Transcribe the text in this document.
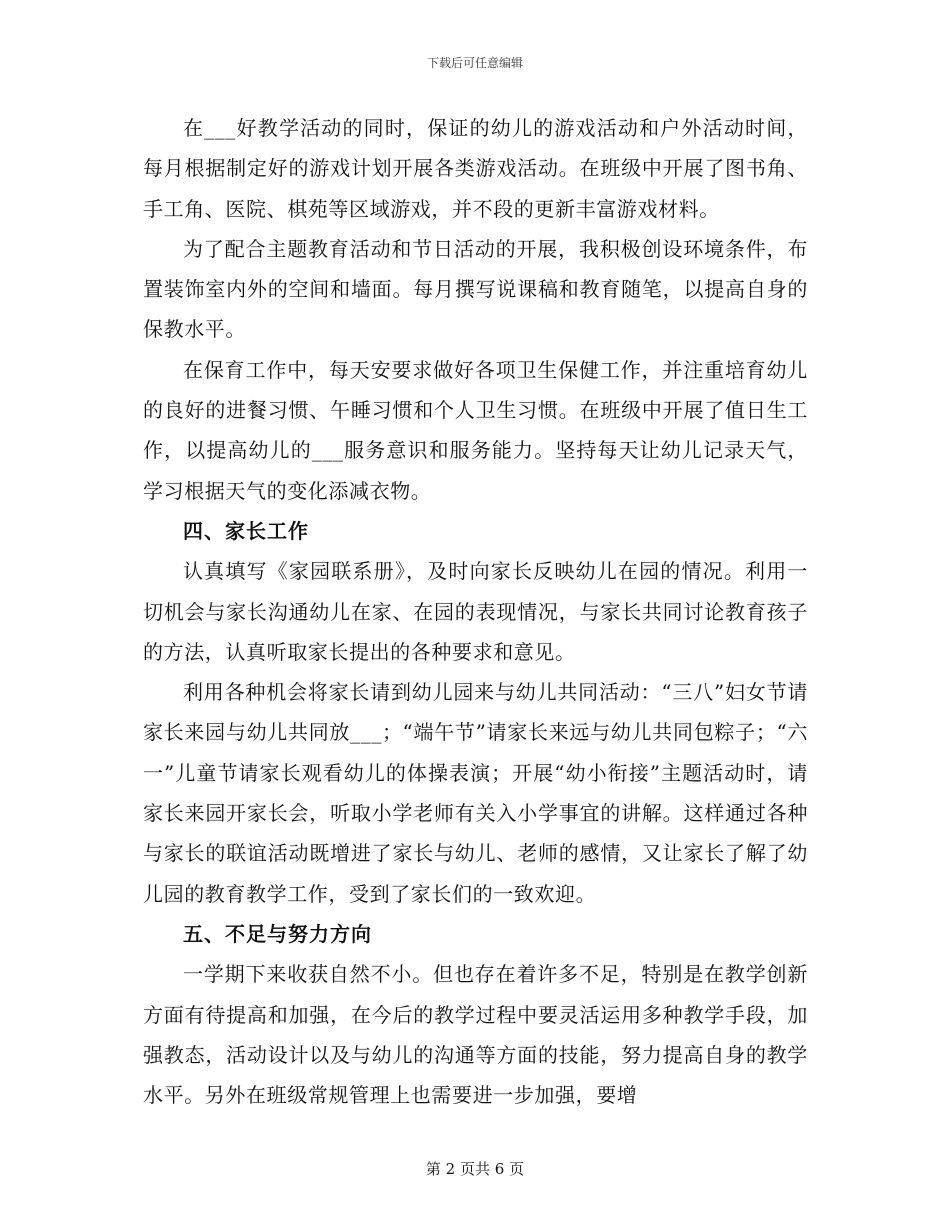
下载后可任意编辑

在___好教学活动的同时，保证的幼儿的游戏活动和户外活动时间，每月根据制定好的游戏计划开展各类游戏活动。在班级中开展了图书角、手工角、医院、棋苑等区域游戏，并不段的更新丰富游戏材料。

为了配合主题教育活动和节日活动的开展，我积极创设环境条件，布置装饰室内外的空间和墙面。每月撰写说课稿和教育随笔，以提高自身的保教水平。

在保育工作中，每天安要求做好各项卫生保健工作，并注重培育幼儿的良好的进餐习惯、午睡习惯和个人卫生习惯。在班级中开展了值日生工作，以提高幼儿的___服务意识和服务能力。坚持每天让幼儿记录天气，学习根据天气的变化添减衣物。

四、家长工作

认真填写《家园联系册》，及时向家长反映幼儿在园的情况。利用一切机会与家长沟通幼儿在家、在园的表现情况，与家长共同讨论教育孩子的方法，认真听取家长提出的各种要求和意见。

利用各种机会将家长请到幼儿园来与幼儿共同活动：“三八”妇女节请家长来园与幼儿共同放___；“端午节”请家长来远与幼儿共同包粽子；“六一”儿童节请家长观看幼儿的体操表演；开展“幼小衔接”主题活动时，请家长来园开家长会，听取小学老师有关入小学事宜的讲解。这样通过各种与家长的联谊活动既增进了家长与幼儿、老师的感情，又让家长了解了幼儿园的教育教学工作，受到了家长们的一致欢迎。

五、不足与努力方向

一学期下来收获自然不小。但也存在着许多不足，特别是在教学创新方面有待提高和加强，在今后的教学过程中要灵活运用多种教学手段，加强教态，活动设计以及与幼儿的沟通等方面的技能，努力提高自身的教学水平。另外在班级常规管理上也需要进一步加强，要增

第 2 页共 6 页
